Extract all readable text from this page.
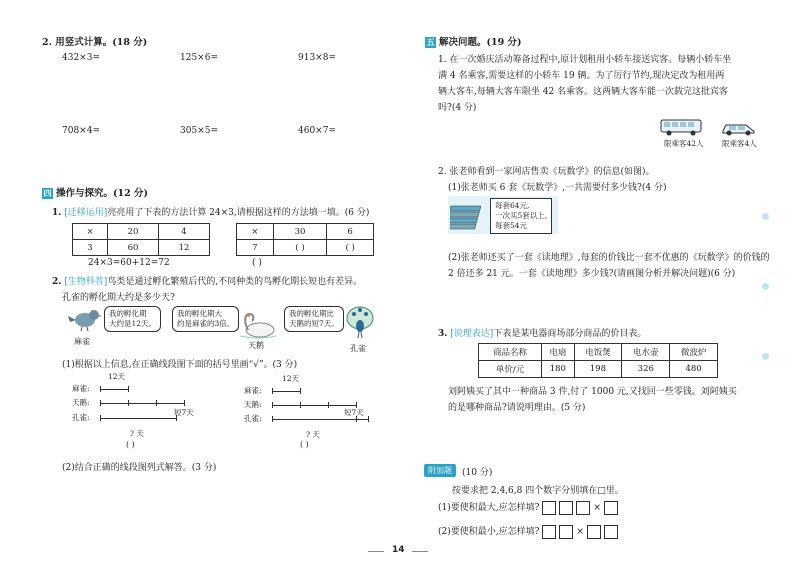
2. 用竖式计算。(18 分)
432×3=	125×6=	913×8=
708×4=	305×5=	460×7=
四 操作与探究。(12 分)
1. [迁移运用]亮亮用了下表的方法计算 24×3,请根据这样的方法填一填。(6 分)
×	20	4
3	60	12
24×3=60+12=72
×	30	6
7	( )	( )
( )
2. [生物科普]鸟类是通过孵化繁殖后代的,不同种类的鸟孵化期长短也有差异。
孔雀的孵化期大约是多少天?
我的孵化期
大约是12天。
麻雀
我的孵化期大
约是麻雀的3倍。
天鹅
我的孵化期比
天鹅的短7天。
孔雀
(1)根据以上信息,在正确线段图下面的括号里画“√”。(3 分)
12天
麻雀:
天鹅:
孔雀:
短7天
? 天
( )
12天
麻雀:
天鹅:
孔雀:
短7天
? 天
( )
(2)结合正确的线段图列式解答。(3 分)
五 解决问题。(19 分)
1. 在一次婚庆活动筹备过程中,原计划租用小轿车接送宾客。每辆小轿车坐
满 4 名乘客,需要这样的小轿车 19 辆。为了厉行节约,现决定改为租用两
辆大客车,每辆大客车限坐 42 名乘客。这两辆大客车能一次载完这批宾客
吗?(4 分)
限乘客42人 限乘客4人
2. 张老师看到一家网店售卖《玩数学》的信息(如图)。
(1)张老师买 6 套《玩数学》,一共需要付多少钱?(4 分)
每套64元,
一次买5套以上,
每套54元
(2)张老师还买了一套《读地理》,每套的价钱比一套不优惠的《玩数学》的价钱的
2 倍还多 21 元。一套《读地理》多少钱?(请画图分析并解决问题)(6 分)
3. [说理表达]下表是某电器商场部分商品的价目表。
商品名称	电扇	电饭煲	电水壶	微波炉
单价/元	180	198	326	480
刘阿姨买了其中一种商品 3 件,付了 1000 元,又找回一些零钱。刘阿姨买
的是哪种商品?请说明理由。(5 分)
附加题	(10 分)
按要求把 2,4,6,8 四个数字分别填在□里。
(1)要使积最大,应怎样填?	×
(2)要使积最小,应怎样填?	×
14
